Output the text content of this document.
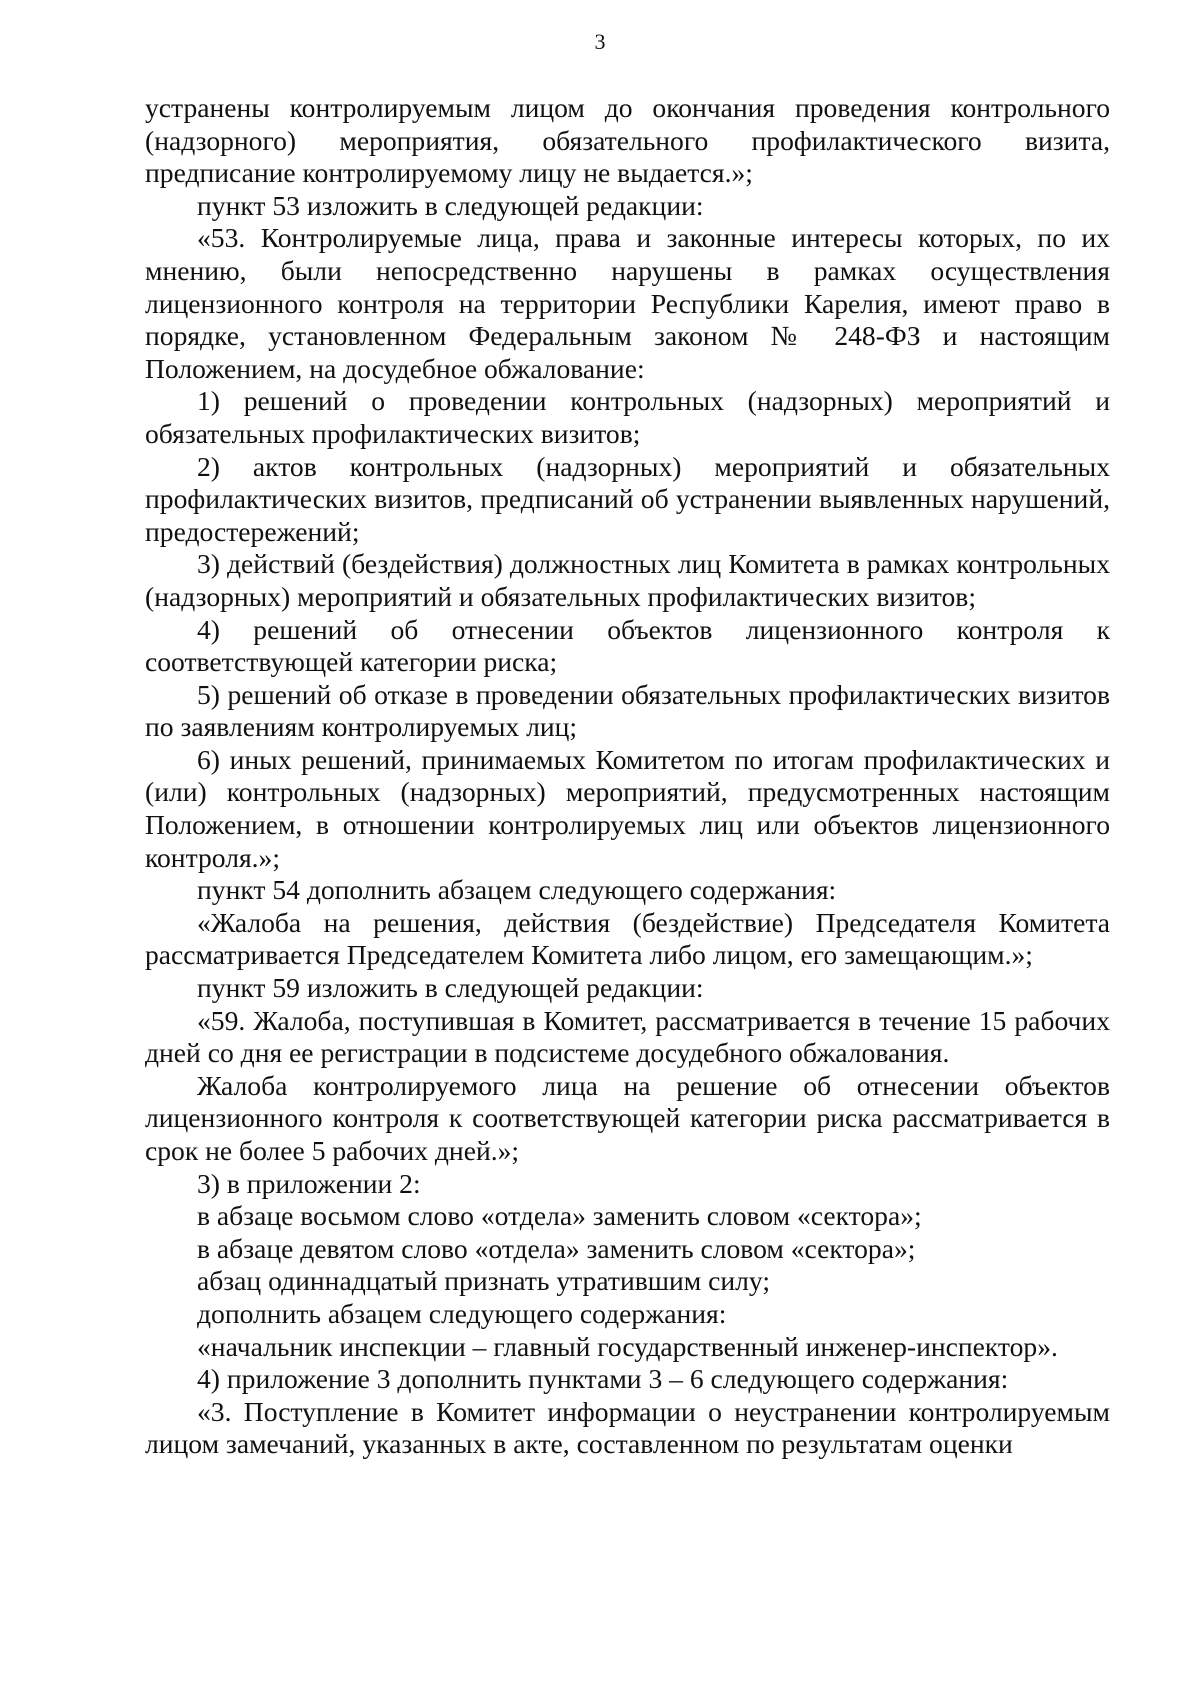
3

устранены контролируемым лицом до окончания проведения контрольного (надзорного) мероприятия, обязательного профилактического визита, предписание контролируемому лицу не выдается.»;

пункт 53 изложить в следующей редакции:

«53. Контролируемые лица, права и законные интересы которых, по их мнению, были непосредственно нарушены в рамках осуществления лицензионного контроля на территории Республики Карелия, имеют право в порядке, установленном Федеральным законом № 248-ФЗ и настоящим Положением, на досудебное обжалование:

1) решений о проведении контрольных (надзорных) мероприятий и обязательных профилактических визитов;

2) актов контрольных (надзорных) мероприятий и обязательных профилактических визитов, предписаний об устранении выявленных нарушений, предостережений;

3) действий (бездействия) должностных лиц Комитета в рамках контрольных (надзорных) мероприятий и обязательных профилактических визитов;

4) решений об отнесении объектов лицензионного контроля к соответствующей категории риска;

5) решений об отказе в проведении обязательных профилактических визитов по заявлениям контролируемых лиц;

6) иных решений, принимаемых Комитетом по итогам профилактических и (или) контрольных (надзорных) мероприятий, предусмотренных настоящим Положением, в отношении контролируемых лиц или объектов лицензионного контроля.»;

пункт 54 дополнить абзацем следующего содержания:

«Жалоба на решения, действия (бездействие) Председателя Комитета рассматривается Председателем Комитета либо лицом, его замещающим.»;

пункт 59 изложить в следующей редакции:

«59. Жалоба, поступившая в Комитет, рассматривается в течение 15 рабочих дней со дня ее регистрации в подсистеме досудебного обжалования.

Жалоба контролируемого лица на решение об отнесении объектов лицензионного контроля к соответствующей категории риска рассматривается в срок не более 5 рабочих дней.»;

3) в приложении 2:

в абзаце восьмом слово «отдела» заменить словом «сектора»;

в абзаце девятом слово «отдела» заменить словом «сектора»;

абзац одиннадцатый признать утратившим силу;

дополнить абзацем следующего содержания:

«начальник инспекции – главный государственный инженер-инспектор».

4) приложение 3 дополнить пунктами 3 – 6 следующего содержания:

«3. Поступление в Комитет информации о неустранении контролируемым лицом замечаний, указанных в акте, составленном по результатам оценки
